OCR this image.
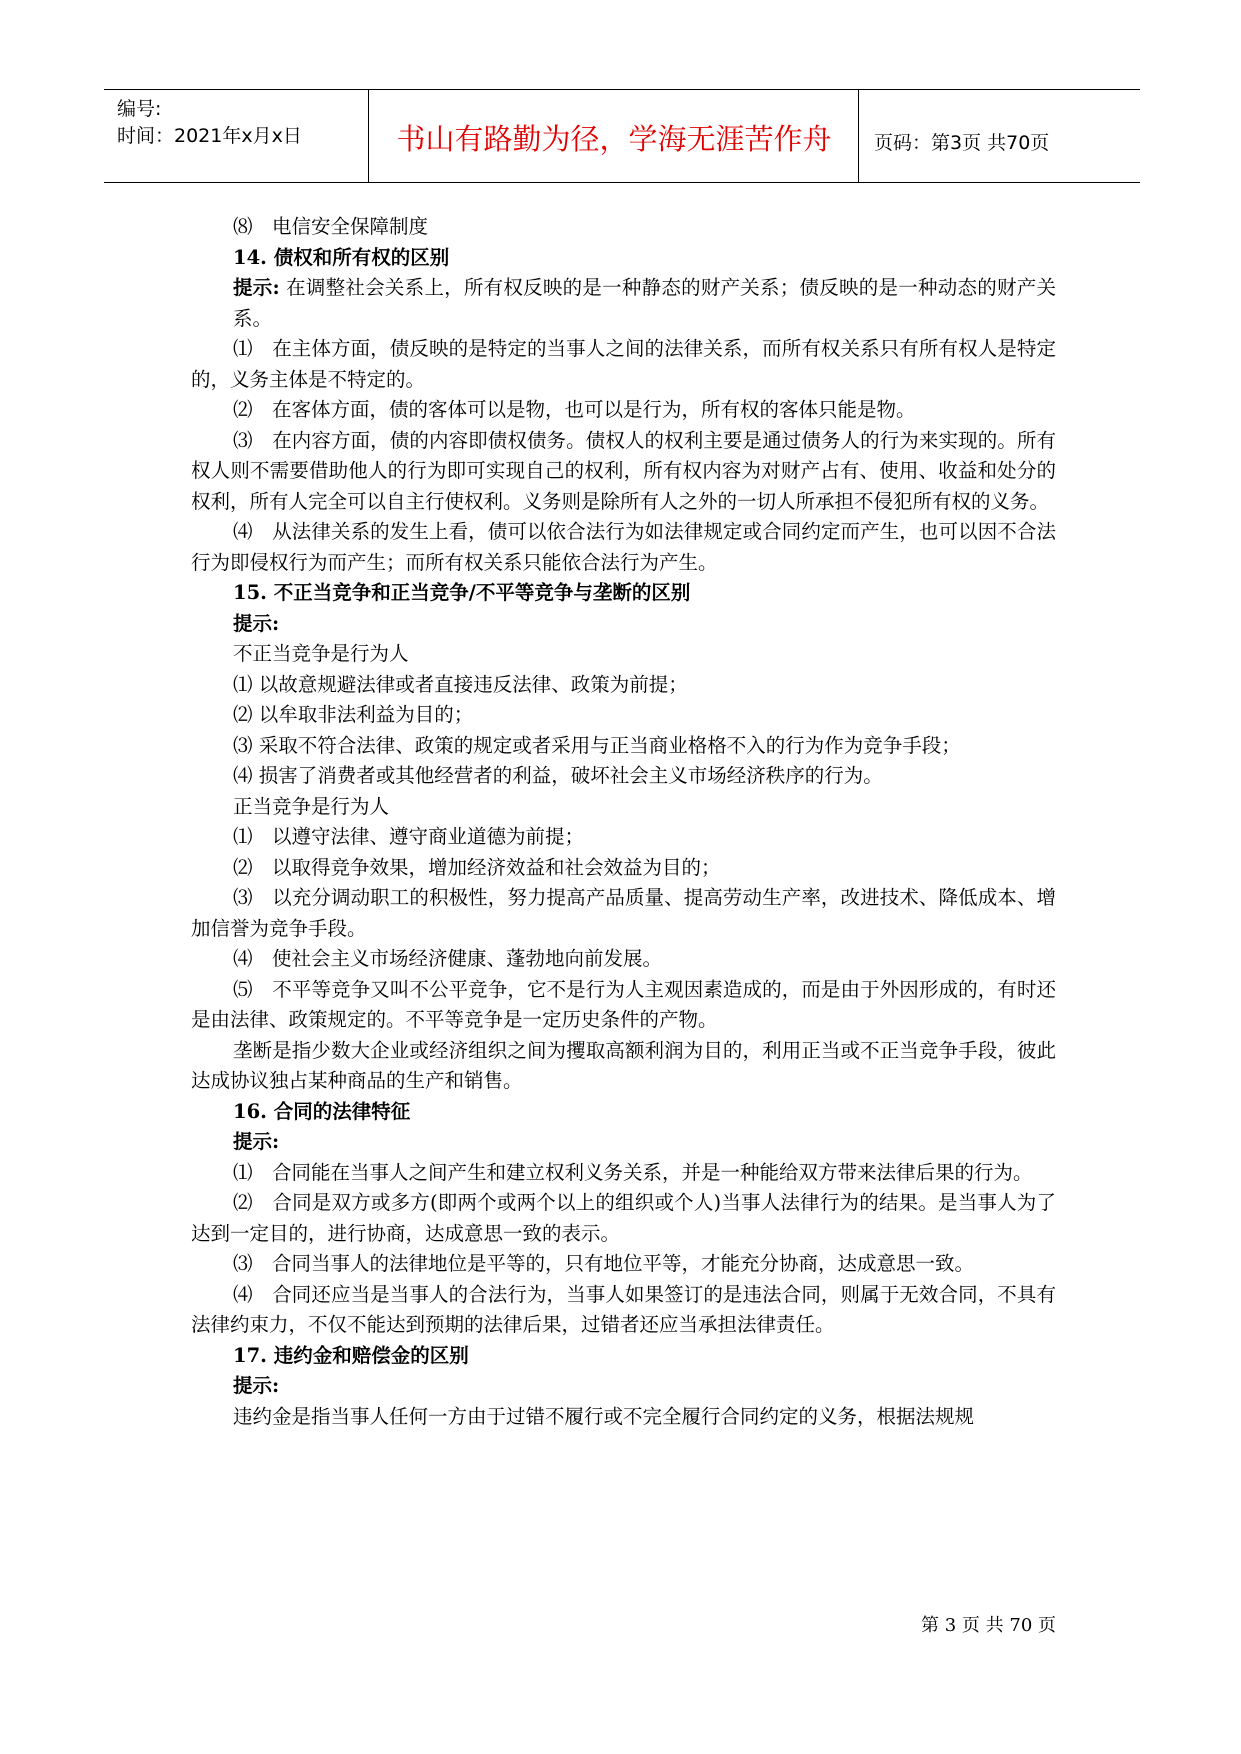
编号:
时间：2021年x月x日	书山有路勤为径，学海无涯苦作舟	页码：第3页 共70页

⑻　电信安全保障制度

14. 债权和所有权的区别

提示: 在调整社会关系上，所有权反映的是一种静态的财产关系；债反映的是一种动态的财产关系。

⑴　在主体方面，债反映的是特定的当事人之间的法律关系，而所有权关系只有所有权人是特定的，义务主体是不特定的。

⑵　在客体方面，债的客体可以是物，也可以是行为，所有权的客体只能是物。

⑶　在内容方面，债的内容即债权债务。债权人的权利主要是通过债务人的行为来实现的。所有权人则不需要借助他人的行为即可实现自己的权利，所有权内容为对财产占有、使用、收益和处分的权利，所有人完全可以自主行使权利。义务则是除所有人之外的一切人所承担不侵犯所有权的义务。

⑷　从法律关系的发生上看，债可以依合法行为如法律规定或合同约定而产生，也可以因不合法行为即侵权行为而产生；而所有权关系只能依合法行为产生。

15. 不正当竞争和正当竞争/不平等竞争与垄断的区别

提示:

不正当竞争是行为人

⑴ 以故意规避法律或者直接违反法律、政策为前提；

⑵ 以牟取非法利益为目的；

⑶ 采取不符合法律、政策的规定或者采用与正当商业格格不入的行为作为竞争手段；

⑷ 损害了消费者或其他经营者的利益，破坏社会主义市场经济秩序的行为。

正当竞争是行为人

⑴　以遵守法律、遵守商业道德为前提；

⑵　以取得竞争效果，增加经济效益和社会效益为目的；

⑶　以充分调动职工的积极性，努力提高产品质量、提高劳动生产率，改进技术、降低成本、增加信誉为竞争手段。

⑷　使社会主义市场经济健康、蓬勃地向前发展。

⑸　不平等竞争又叫不公平竞争，它不是行为人主观因素造成的，而是由于外因形成的，有时还是由法律、政策规定的。不平等竞争是一定历史条件的产物。

垄断是指少数大企业或经济组织之间为攫取高额利润为目的，利用正当或不正当竞争手段，彼此达成协议独占某种商品的生产和销售。

16. 合同的法律特征

提示:

⑴　合同能在当事人之间产生和建立权利义务关系，并是一种能给双方带来法律后果的行为。

⑵　合同是双方或多方(即两个或两个以上的组织或个人)当事人法律行为的结果。是当事人为了达到一定目的，进行协商，达成意思一致的表示。

⑶　合同当事人的法律地位是平等的，只有地位平等，才能充分协商，达成意思一致。

⑷　合同还应当是当事人的合法行为，当事人如果签订的是违法合同，则属于无效合同，不具有法律约束力，不仅不能达到预期的法律后果，过错者还应当承担法律责任。

17. 违约金和赔偿金的区别

提示:

违约金是指当事人任何一方由于过错不履行或不完全履行合同约定的义务，根据法规规

第 3 页 共 70 页
